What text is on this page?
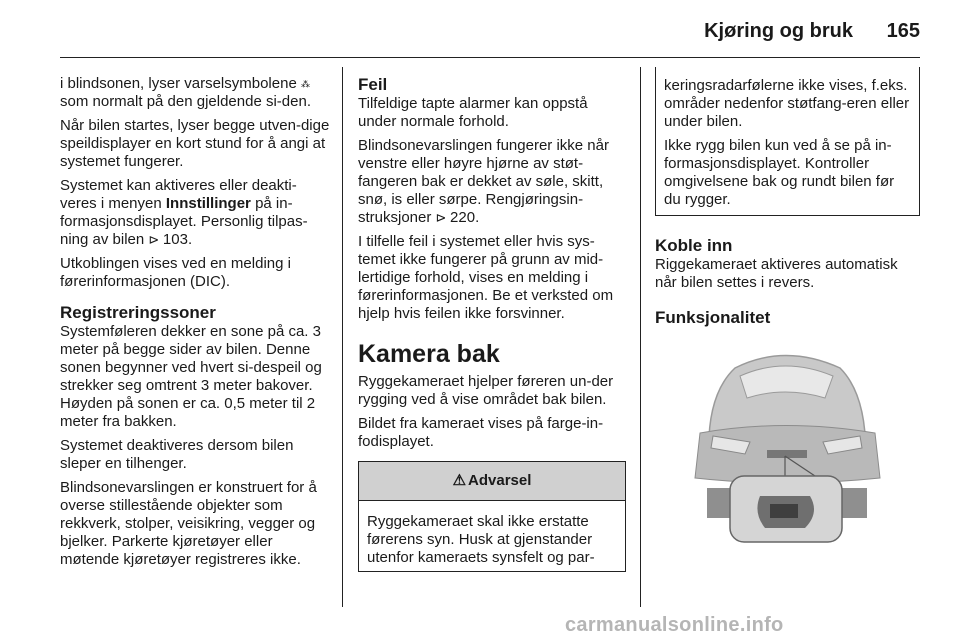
Kjøring og bruk 165

i blindsonen, lyser varselsymbolene ⁂ som normalt på den gjeldende si-den.

Når bilen startes, lyser begge utven-dige speildisplayer en kort stund for å angi at systemet fungerer.

Systemet kan aktiveres eller deakti-veres i menyen Innstillinger på in-formasjonsdisplayet. Personlig tilpas-ning av bilen ⊳ 103.

Utkoblingen vises ved en melding i førerinformasjonen (DIC).

Registreringssoner

Systemføleren dekker en sone på ca. 3 meter på begge sider av bilen. Denne sonen begynner ved hvert si-despeil og strekker seg omtrent 3 meter bakover. Høyden på sonen er ca. 0,5 meter til 2 meter fra bakken.

Systemet deaktiveres dersom bilen sleper en tilhenger.

Blindsonevarslingen er konstruert for å overse stillestående objekter som rekkverk, stolper, veisikring, vegger og bjelker. Parkerte kjøretøyer eller møtende kjøretøyer registreres ikke.

Feil

Tilfeldige tapte alarmer kan oppstå under normale forhold.

Blindsonevarslingen fungerer ikke når venstre eller høyre hjørne av støt-fangeren bak er dekket av søle, skitt, snø, is eller sørpe. Rengjøringsin-struksjoner ⊳ 220.

I tilfelle feil i systemet eller hvis sys-temet ikke fungerer på grunn av mid-lertidige forhold, vises en melding i førerinformasjonen. Be et verksted om hjelp hvis feilen ikke forsvinner.

Kamera bak

Ryggekameraet hjelper føreren un-der rygging ved å vise området bak bilen.

Bildet fra kameraet vises på farge-in-fodisplayet.

⚠ Advarsel
Ryggekameraet skal ikke erstatte førerens syn. Husk at gjenstander utenfor kameraets synsfelt og par-

keringsradarfølerne ikke vises, f.eks. områder nedenfor støtfang-eren eller under bilen.

Ikke rygg bilen kun ved å se på in-formasjonsdisplayet. Kontroller omgivelsene bak og rundt bilen før du rygger.

Koble inn

Riggekameraet aktiveres automatisk når bilen settes i revers.

Funksjonalitet
carmanualsonline.info
